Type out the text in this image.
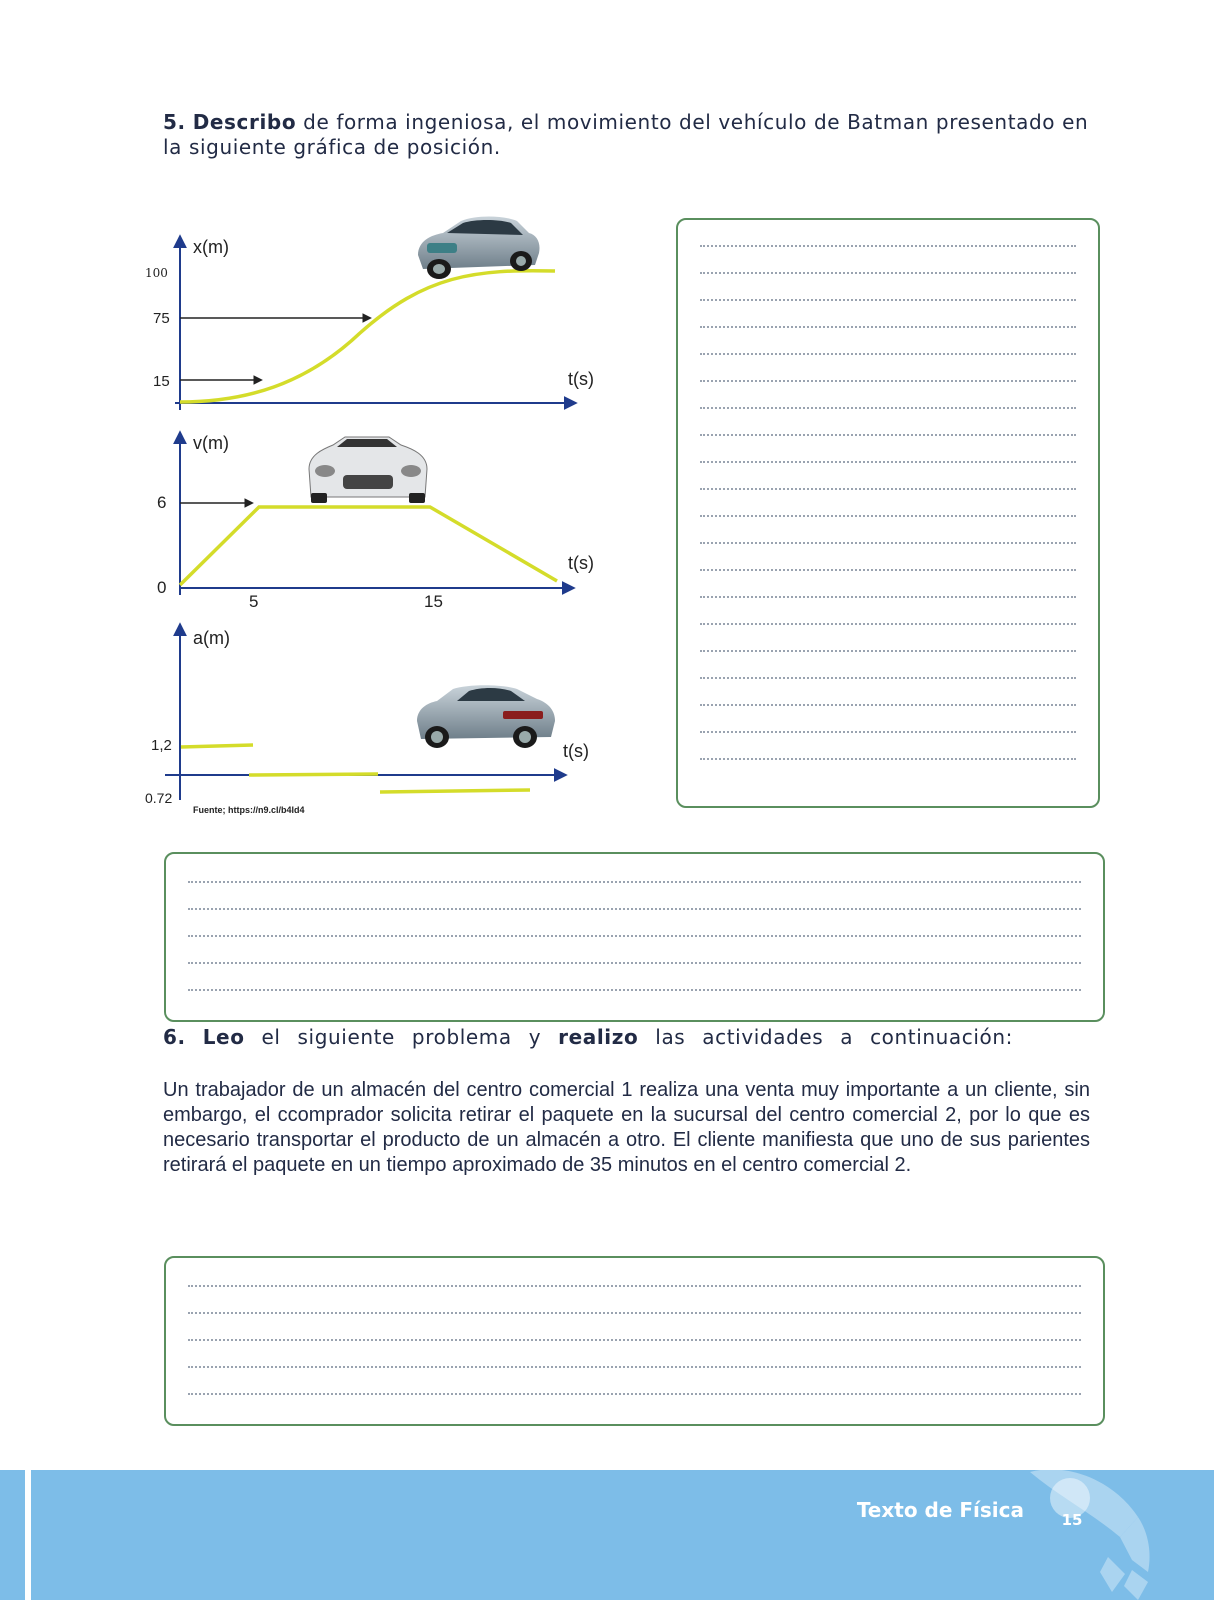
5. Describo de forma ingeniosa, el movimiento del vehículo de Batman presentado en la siguiente gráfica de posición.

x(m)
t(s)
100
75
15
v(m)
t(s)
6
0
5	15
a(m)
t(s)
1,2
0.72
Fuente; https://n9.cl/b4ld4

6. Leo el siguiente problema y realizo las actividades a continuación:

Un trabajador de un almacén del centro comercial 1 realiza una venta muy importante a un cliente, sin embargo, el ccomprador solicita retirar el paquete en la sucursal del centro comercial 2, por lo que es necesario transportar el producto de un almacén a otro. El cliente manifiesta que uno de sus parientes retirará el paquete en un tiempo aproximado de 35 minutos en el centro comercial 2.

Texto de Física	15
